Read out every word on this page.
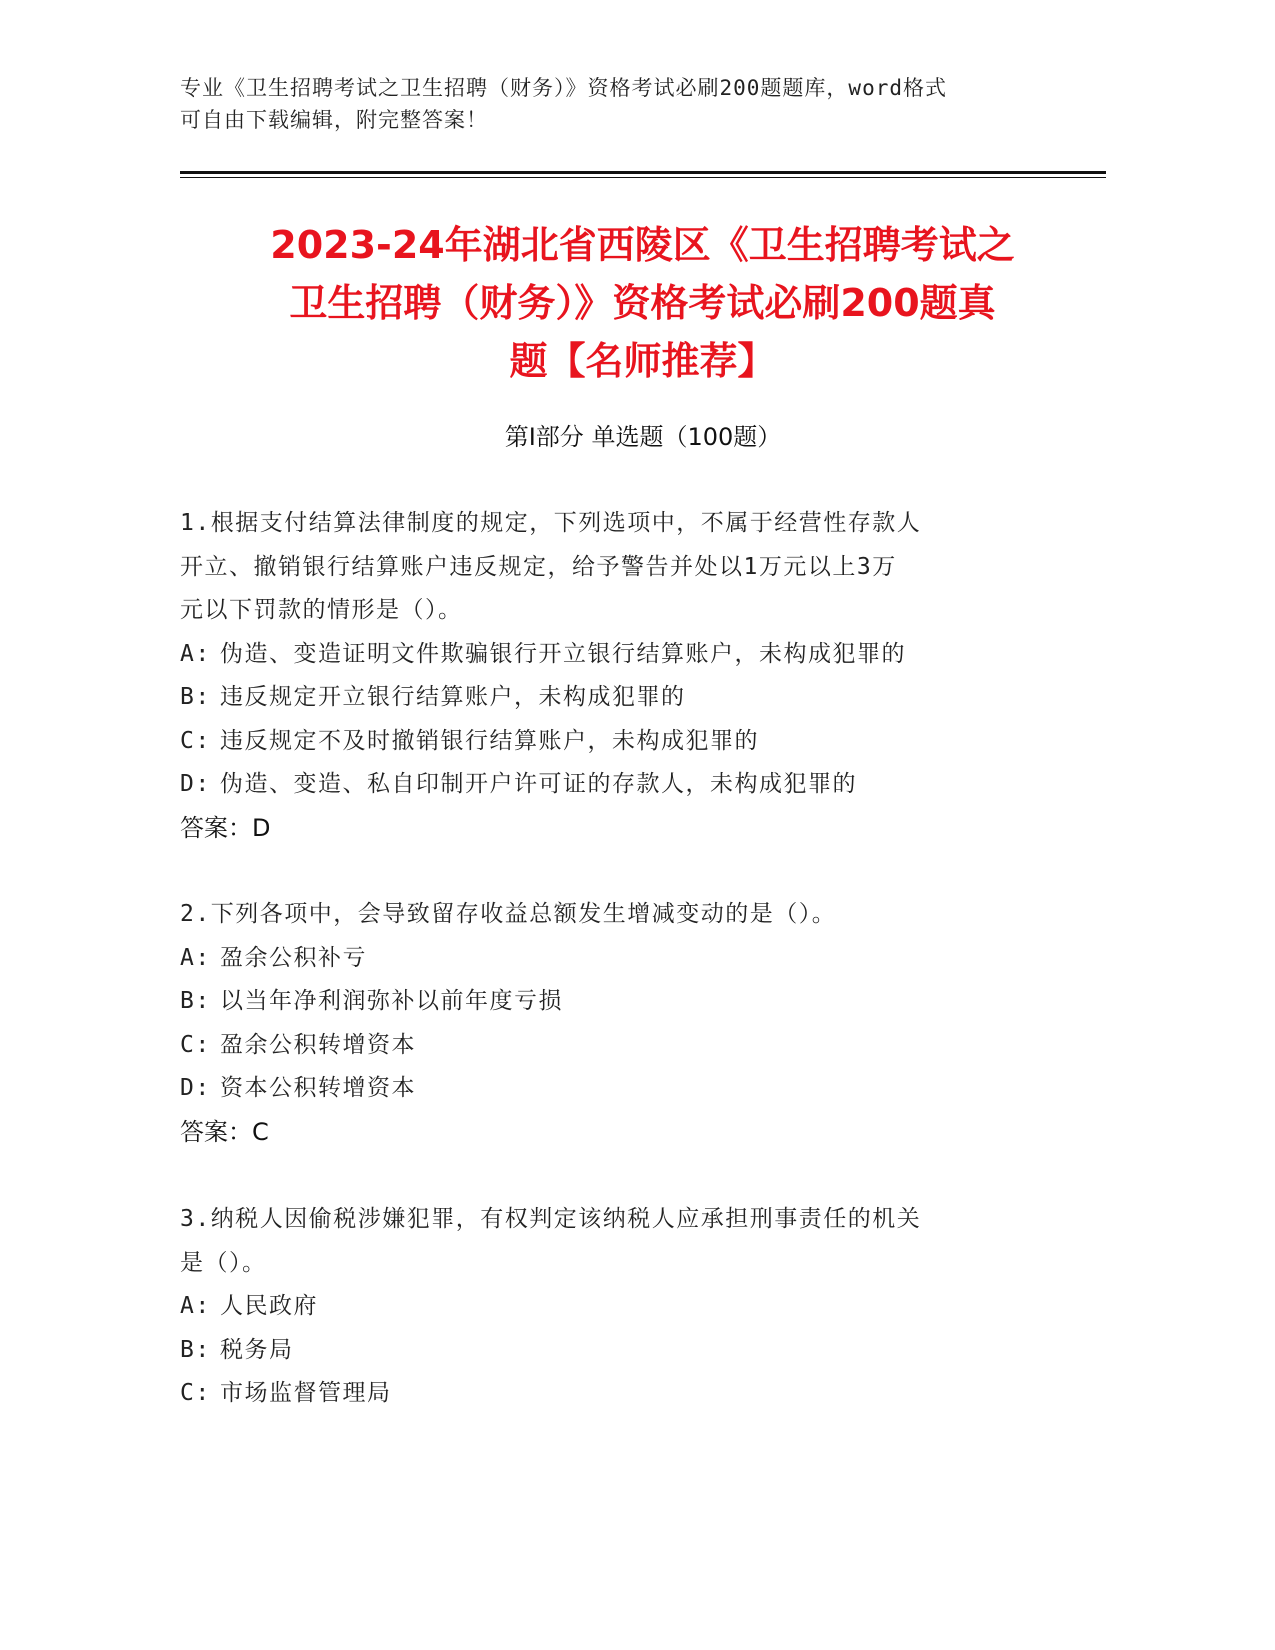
专业《卫生招聘考试之卫生招聘（财务）》资格考试必刷200题题库，word格式
可自由下载编辑，附完整答案！
2023-24年湖北省西陵区《卫生招聘考试之
卫生招聘（财务）》资格考试必刷200题真
题【名师推荐】
第Ⅰ部分 单选题（100题）
1.根据支付结算法律制度的规定，下列选项中，不属于经营性存款人
开立、撤销银行结算账户违反规定，给予警告并处以1万元以上3万
元以下罚款的情形是（）。
A: 伪造、变造证明文件欺骗银行开立银行结算账户，未构成犯罪的
B: 违反规定开立银行结算账户，未构成犯罪的
C: 违反规定不及时撤销银行结算账户，未构成犯罪的
D: 伪造、变造、私自印制开户许可证的存款人，未构成犯罪的
答案：D
2.下列各项中，会导致留存收益总额发生增减变动的是（）。
A: 盈余公积补亏
B: 以当年净利润弥补以前年度亏损
C: 盈余公积转增资本
D: 资本公积转增资本
答案：C
3.纳税人因偷税涉嫌犯罪，有权判定该纳税人应承担刑事责任的机关
是（）。
A: 人民政府
B: 税务局
C: 市场监督管理局
